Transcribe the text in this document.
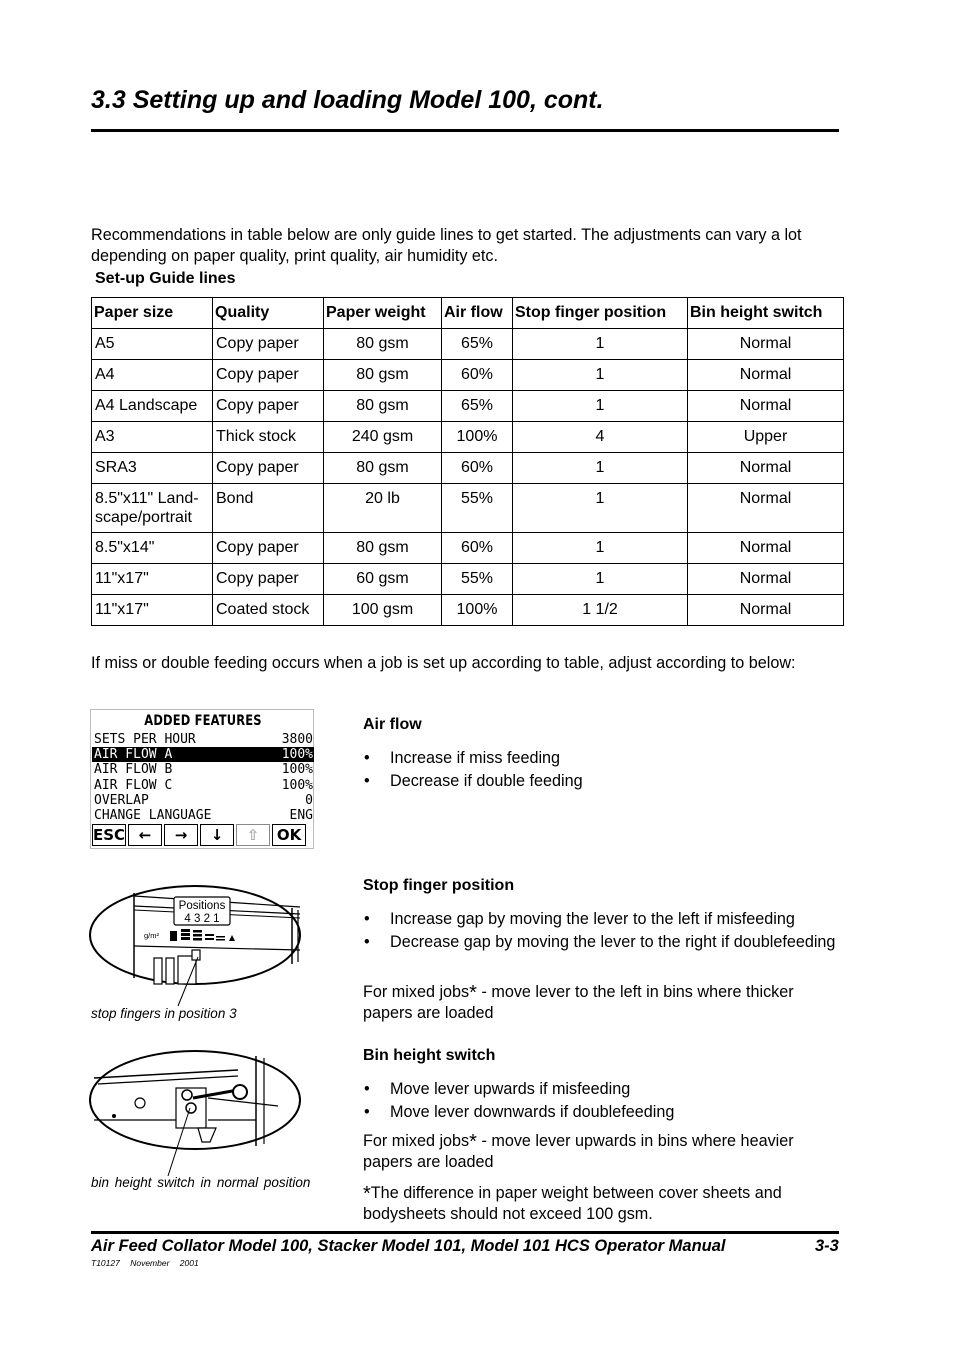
3.3 Setting up and loading Model 100, cont.
Recommendations in table below are only guide lines to get started. The adjustments can vary a lot depending on paper quality, print quality, air humidity etc.
Set-up Guide lines
Paper size	Quality	Paper weight	Air flow	Stop finger position	Bin height switch
A5	Copy paper	80 gsm	65%	1	Normal
A4	Copy paper	80 gsm	60%	1	Normal
A4 Landscape	Copy paper	80 gsm	65%	1	Normal
A3	Thick stock	240 gsm	100%	4	Upper
SRA3	Copy paper	80 gsm	60%	1	Normal
8.5"x11" Land-scape/portrait	Bond	20 lb	55%	1	Normal
8.5"x14"	Copy paper	80 gsm	60%	1	Normal
11"x17"	Copy paper	60 gsm	55%	1	Normal
11"x17"	Coated stock	100 gsm	100%	1 1/2	Normal
If miss or double feeding occurs when a job is set up according to table, adjust according to below:
ADDED FEATURES
SETS PER HOUR	3800
AIR FLOW A	100%
AIR FLOW B	100%
AIR FLOW C	100%
OVERLAP	0
CHANGE LANGUAGE	ENG
ESC ←	→	↓	⇧	OK
Air flow
• Increase if miss feeding
• Decrease if double feeding
Positions
4 3 2 1
g/m²
stop fingers in position 3
Stop finger position
• Increase gap by moving the lever to the left if misfeeding
• Decrease gap by moving the lever to the right if doublefeeding
For mixed jobs* - move lever to the left in bins where thicker papers are loaded
bin height switch in normal position
Bin height switch
• Move lever upwards if misfeeding
• Move lever downwards if doublefeeding
For mixed jobs* - move lever upwards in bins where heavier papers are loaded
*The difference in paper weight between cover sheets and bodysheets should not exceed 100 gsm.
Air Feed Collator Model 100, Stacker Model 101, Model 101 HCS Operator Manual	3-3
T10127 November 2001
